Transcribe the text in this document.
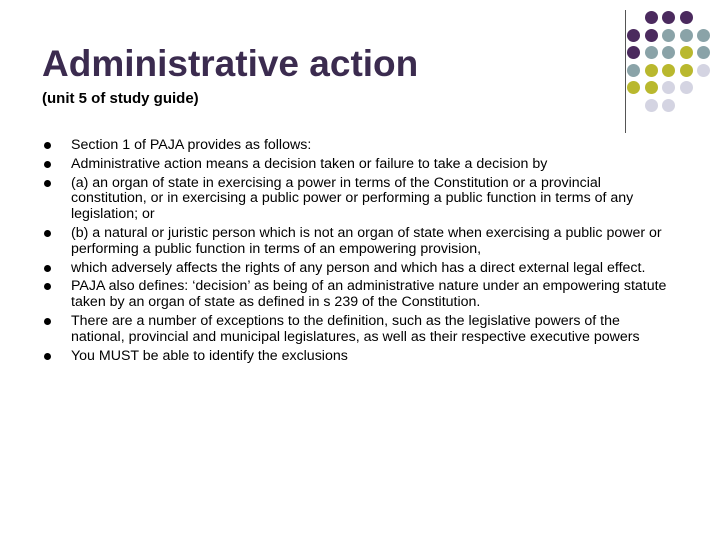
Administrative action

(unit 5 of study guide)

Section 1 of PAJA provides as follows:
Administrative action means a decision taken or failure to take a decision by
(a) an organ of state in exercising a power in terms of the Constitution or a provincial constitution, or in exercising a public power or performing a public function in terms of any legislation; or
(b) a natural or juristic person which is not an organ of state when exercising a public power or performing a public function in terms of an empowering provision,
which adversely affects the rights of any person and which has a direct external legal effect.
PAJA also defines: ‘decision’ as being of an administrative nature under an empowering statute taken by an organ of state as defined in s 239 of the Constitution.
There are a number of exceptions to the definition, such as the legislative powers of the national, provincial and municipal legislatures, as well as their respective executive powers
You MUST be able to identify the exclusions
